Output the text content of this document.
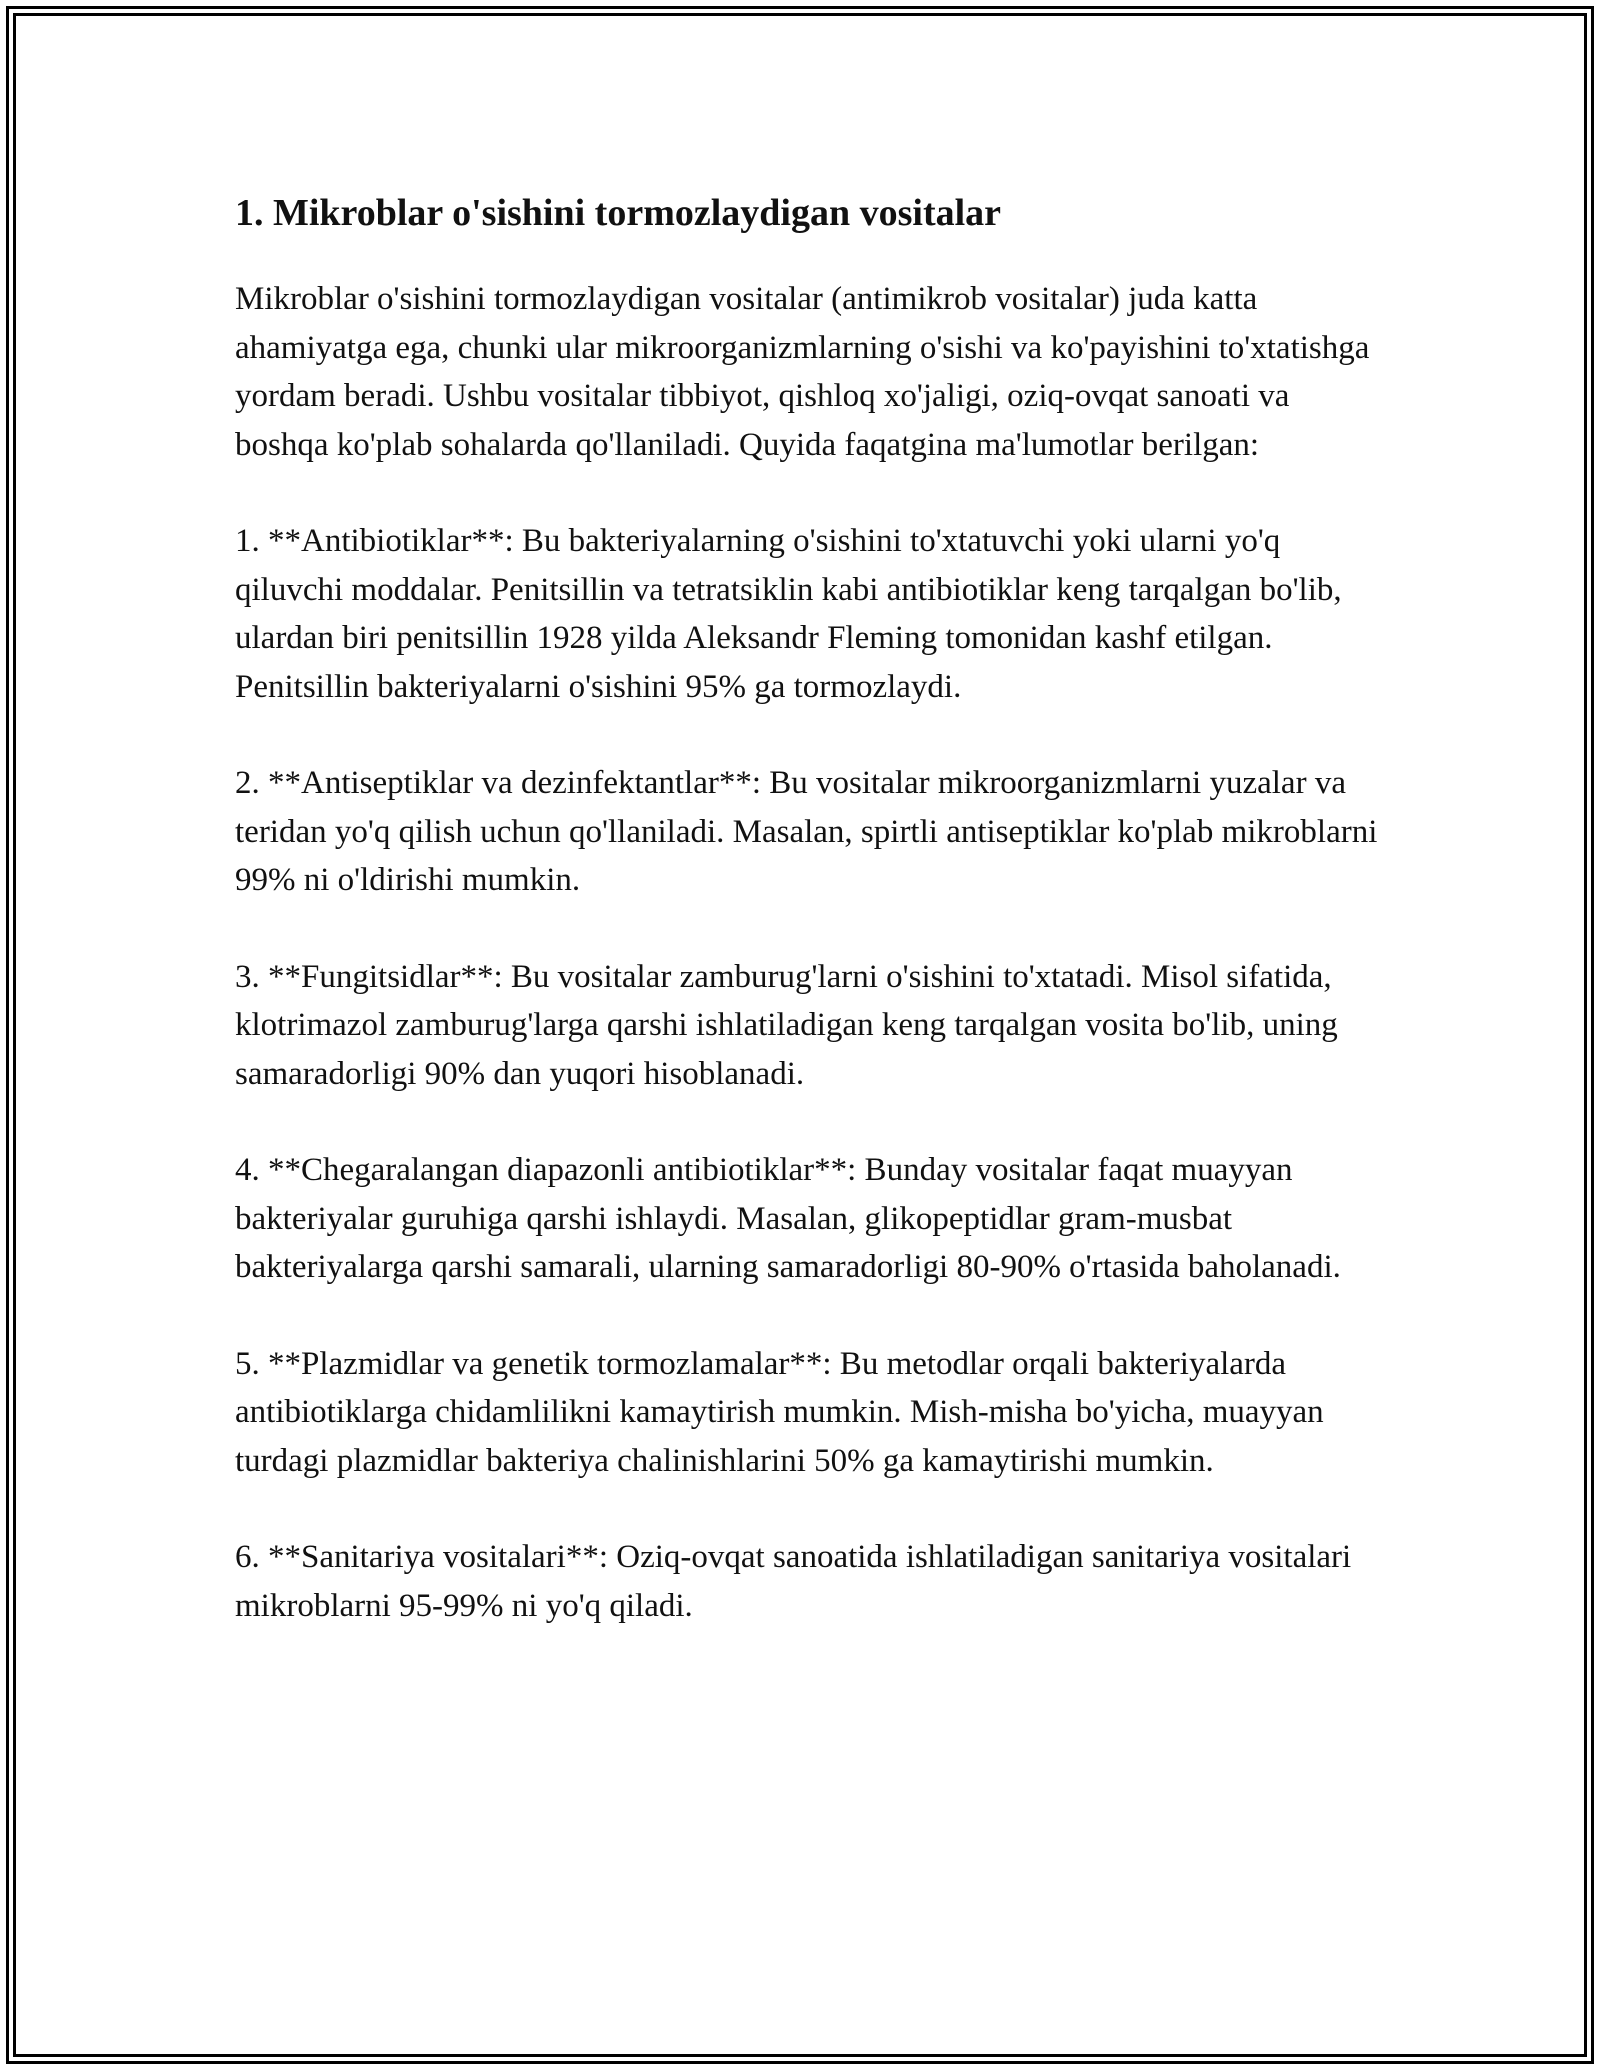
1. Mikroblar o'sishini tormozlaydigan vositalar

Mikroblar o'sishini tormozlaydigan vositalar (antimikrob vositalar) juda katta ahamiyatga ega, chunki ular mikroorganizmlarning o'sishi va ko'payishini to'xtatishga yordam beradi. Ushbu vositalar tibbiyot, qishloq xo'jaligi, oziq-ovqat sanoati va boshqa ko'plab sohalarda qo'llaniladi. Quyida faqatgina ma'lumotlar berilgan:

1. **Antibiotiklar**: Bu bakteriyalarning o'sishini to'xtatuvchi yoki ularni yo'q qiluvchi moddalar. Penitsillin va tetratsiklin kabi antibiotiklar keng tarqalgan bo'lib, ulardan biri penitsillin 1928 yilda Aleksandr Fleming tomonidan kashf etilgan. Penitsillin bakteriyalarni o'sishini 95% ga tormozlaydi.

2. **Antiseptiklar va dezinfektantlar**: Bu vositalar mikroorganizmlarni yuzalar va teridan yo'q qilish uchun qo'llaniladi. Masalan, spirtli antiseptiklar ko'plab mikroblarni 99% ni o'ldirishi mumkin.

3. **Fungitsidlar**: Bu vositalar zamburug'larni o'sishini to'xtatadi. Misol sifatida, klotrimazol zamburug'larga qarshi ishlatiladigan keng tarqalgan vosita bo'lib, uning samaradorligi 90% dan yuqori hisoblanadi.

4. **Chegaralangan diapazonli antibiotiklar**: Bunday vositalar faqat muayyan bakteriyalar guruhiga qarshi ishlaydi. Masalan, glikopeptidlar gram-musbat bakteriyalarga qarshi samarali, ularning samaradorligi 80-90% o'rtasida baholanadi.

5. **Plazmidlar va genetik tormozlamalar**: Bu metodlar orqali bakteriyalarda antibiotiklarga chidamlilikni kamaytirish mumkin. Mish-misha bo'yicha, muayyan turdagi plazmidlar bakteriya chalinishlarini 50% ga kamaytirishi mumkin.

6. **Sanitariya vositalari**: Oziq-ovqat sanoatida ishlatiladigan sanitariya vositalari mikroblarni 95-99% ni yo'q qiladi.
